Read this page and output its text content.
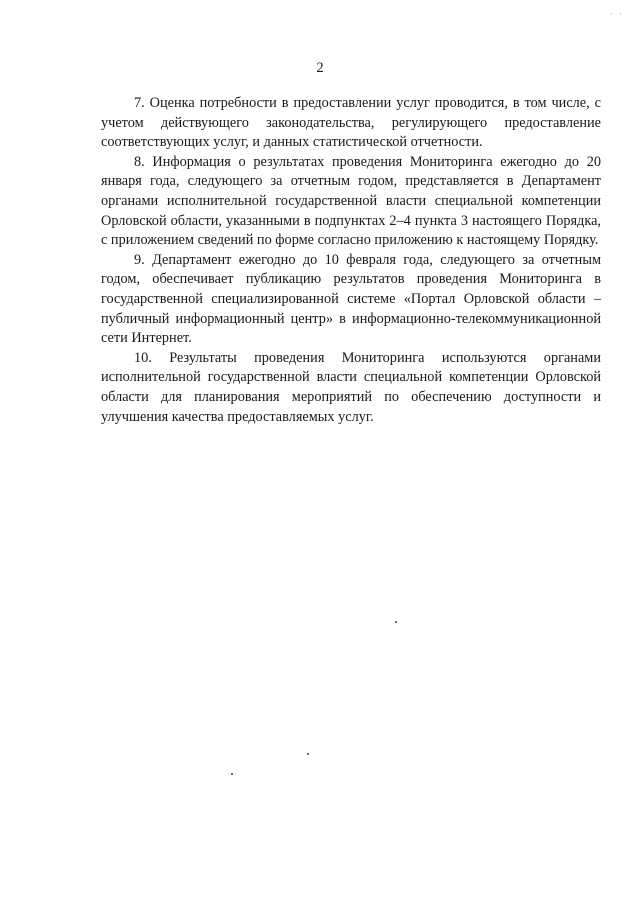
˙ ˙
2

7. Оценка потребности в предоставлении услуг проводится, в том числе, с учетом действующего законодательства, регулирующего предоставление соответствующих услуг, и данных статистической отчетности.

8. Информация о результатах проведения Мониторинга ежегодно до 20 января года, следующего за отчетным годом, представляется в Департамент органами исполнительной государственной власти специальной компетенции Орловской области, указанными в подпунктах 2–4 пункта 3 настоящего Порядка, с приложением сведений по форме согласно приложению к настоящему Порядку.

9. Департамент ежегодно до 10 февраля года, следующего за отчетным годом, обеспечивает публикацию результатов проведения Мониторинга в государственной специализированной системе «Портал Орловской области – публичный информационный центр» в информационно-телекоммуникационной сети Интернет.

10. Результаты проведения Мониторинга используются органами исполнительной государственной власти специальной компетенции Орловской области для планирования мероприятий по обеспечению доступности и улучшения качества предоставляемых услуг.
